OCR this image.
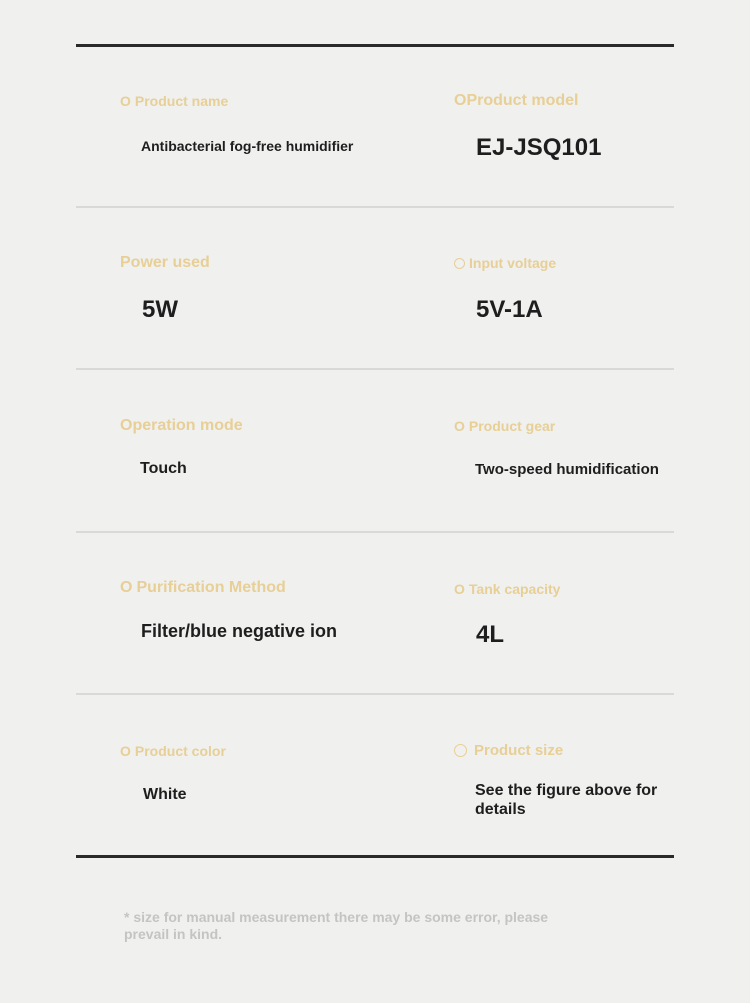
O Product name
Antibacterial fog-free humidifier
O Product model
EJ-JSQ101
Power used
5W
Input voltage
5V-1A
Operation mode
Touch
O Product gear
Two-speed humidification
O Purification Method
Filter/blue negative ion
O Tank capacity
4L
O Product color
White
Product size
See the figure above for details
* size for manual measurement there may be some error, please prevail in kind.
